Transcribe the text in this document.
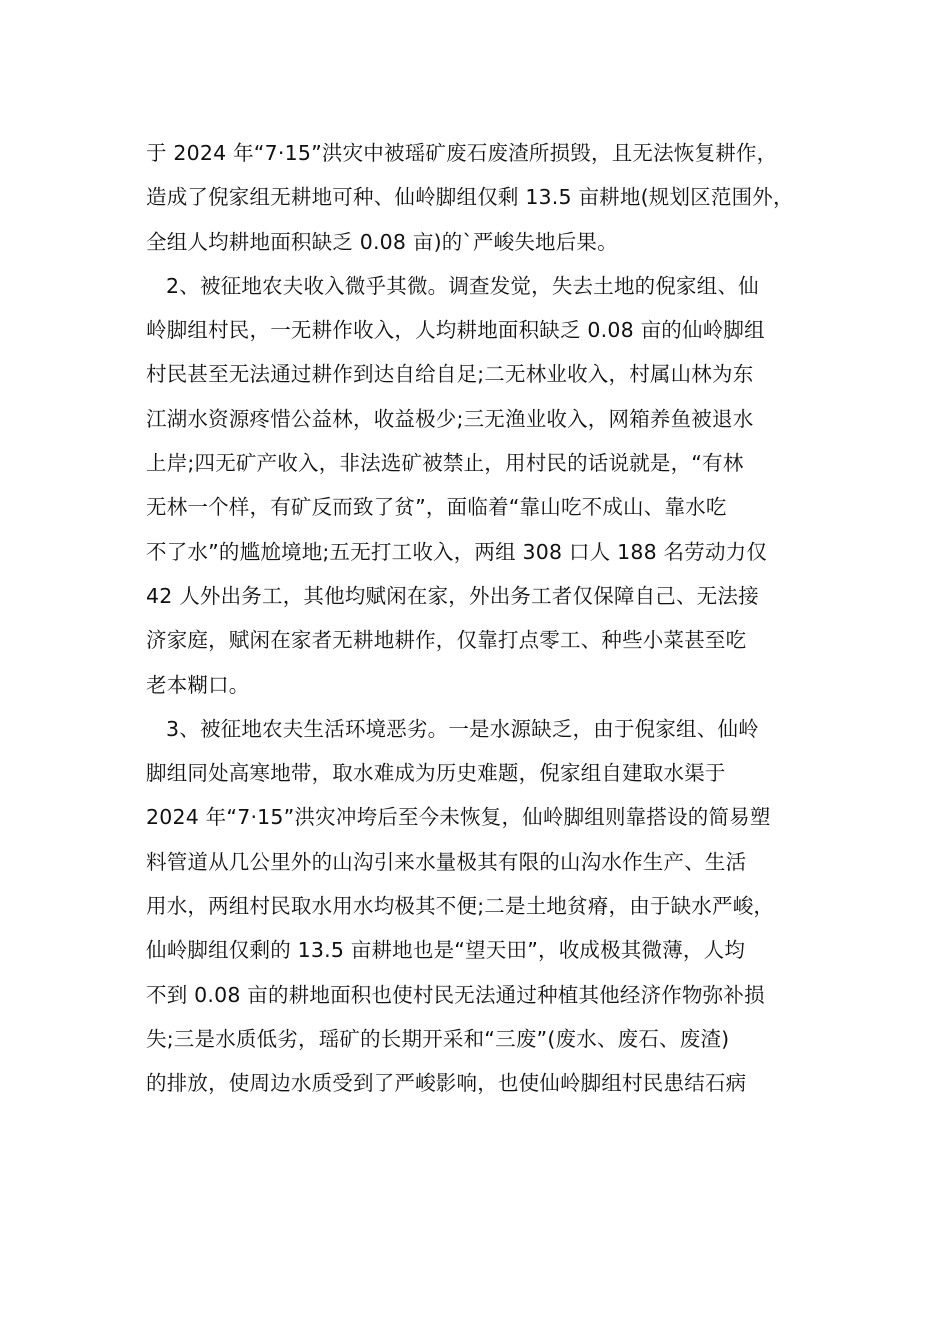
于 2024 年“7·15”洪灾中被瑶矿废石废渣所损毁，且无法恢复耕作，
造成了倪家组无耕地可种、仙岭脚组仅剩 13.5 亩耕地(规划区范围外，
全组人均耕地面积缺乏 0.08 亩)的`严峻失地后果。
2、被征地农夫收入微乎其微。调查发觉，失去土地的倪家组、仙
岭脚组村民，一无耕作收入，人均耕地面积缺乏 0.08 亩的仙岭脚组
村民甚至无法通过耕作到达自给自足;二无林业收入，村属山林为东
江湖水资源疼惜公益林，收益极少;三无渔业收入，网箱养鱼被退水
上岸;四无矿产收入，非法选矿被禁止，用村民的话说就是，“有林
无林一个样，有矿反而致了贫”，面临着“靠山吃不成山、靠水吃
不了水”的尴尬境地;五无打工收入，两组 308 口人 188 名劳动力仅
42 人外出务工，其他均赋闲在家，外出务工者仅保障自己、无法接
济家庭，赋闲在家者无耕地耕作，仅靠打点零工、种些小菜甚至吃
老本糊口。
3、被征地农夫生活环境恶劣。一是水源缺乏，由于倪家组、仙岭
脚组同处高寒地带，取水难成为历史难题，倪家组自建取水渠于
2024 年“7·15”洪灾冲垮后至今未恢复，仙岭脚组则靠搭设的简易塑
料管道从几公里外的山沟引来水量极其有限的山沟水作生产、生活
用水，两组村民取水用水均极其不便;二是土地贫瘠，由于缺水严峻，
仙岭脚组仅剩的 13.5 亩耕地也是“望天田”，收成极其微薄，人均
不到 0.08 亩的耕地面积也使村民无法通过种植其他经济作物弥补损
失;三是水质低劣，瑶矿的长期开采和“三废”(废水、废石、废渣)
的排放，使周边水质受到了严峻影响，也使仙岭脚组村民患结石病
